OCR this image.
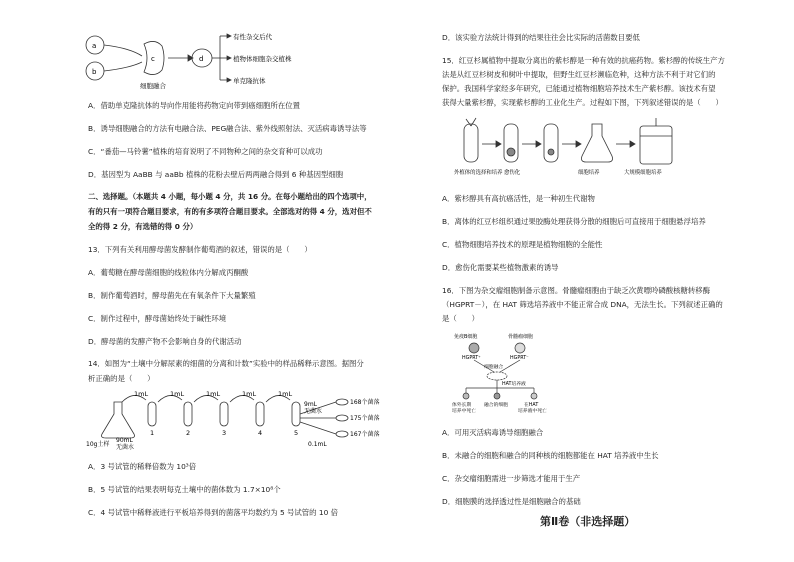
a
b
c	d
细胞融合
有性杂交后代
植物体细胞杂交植株
单克隆抗体
A．借助单克隆抗体的导向作用能将药物定向带到癌细胞所在位置
B．诱导细胞融合的方法有电融合法、PEG融合法、紫外线照射法、灭活病毒诱导法等
C．“番茄—马铃薯”植株的培育说明了不同物种之间的杂交育种可以成功
D．基因型为 AaBB 与 aaBb 植株的花粉去壁后两两融合得到 6 种基因型细胞
二、选择题。（本题共 4 小题，每小题 4 分，共 16 分。在每小题给出的四个选项中，
有的只有一项符合题目要求，有的有多项符合题目要求。全部选对的得 4 分，选对但不
全的得 2 分，有选错的得 0 分）
13．下列有关利用酵母菌发酵制作葡萄酒的叙述，错误的是（　　）
A．葡萄糖在酵母菌细胞的线粒体内分解成丙酮酸
B．制作葡萄酒时，酵母菌先在有氧条件下大量繁殖
C．制作过程中，酵母菌始终处于碱性环境
D．酵母菌的发酵产物不会影响自身的代谢活动
14．如图为“土壤中分解尿素的细菌的分离和计数”实验中的样品稀释示意图。据图分
析正确的是（　　）
1mL	1mL	1mL	1mL	1mL
10g土样
90mL
无菌水
1	2	3	4	5
9mL
无菌水
0.1mL
168个菌落
175个菌落
167个菌落
A．3 号试管的稀释倍数为 10³倍
B．5 号试管的结果表明每克土壤中的菌体数为 1.7×10⁸个
C．4 号试管中稀释液进行平板培养得到的菌落平均数约为 5 号试管的 10 倍
D．该实验方法统计得到的结果往往会比实际的活菌数目要低
15．红豆杉属植物中提取分离出的紫杉醇是一种有效的抗癌药物。紫杉醇的传统生产方
法是从红豆杉树皮和树叶中提取，但野生红豆杉濒临危种，这种方法不利于对它们的
保护。我国科学家经多年研究，已能通过植物细胞培养技术生产紫杉醇。该技术有望
获得大量紫杉醇，实现紫杉醇的工业化生产。过程如下图，下列叙述错误的是（　　）
外植体的选择和培养 愈伤化	细胞培养	大规模细胞培养
A．紫杉醇具有高抗癌活性，是一种初生代谢物
B．离体的红豆杉组织通过果胶酶处理获得分散的细胞后可直接用于细胞悬浮培养
C．植物细胞培养技术的原理是植物细胞的全能性
D．愈伤化需要某些植物激素的诱导
16．下图为杂交瘤细胞制备示意图。骨髓瘤细胞由于缺乏次黄嘌呤磷酸核糖转移酶
（HGPRT－），在 HAT 筛选培养液中不能正常合成 DNA，无法生长。下列叙述正确的
是（　　）
免疫B细胞	骨髓瘤细胞
HGPRT⁺	HGPRT⁻
细胞融合
HAT培养液
体外长期
培养中死亡
融合的细胞	在HAT
培养液中死亡
A．可用灭活病毒诱导细胞融合
B．未融合的细胞和融合的同种核的细胞都能在 HAT 培养液中生长
C．杂交瘤细胞需进一步筛选才能用于生产
D．细胞膜的选择透过性是细胞融合的基础
第Ⅱ卷（非选择题）
